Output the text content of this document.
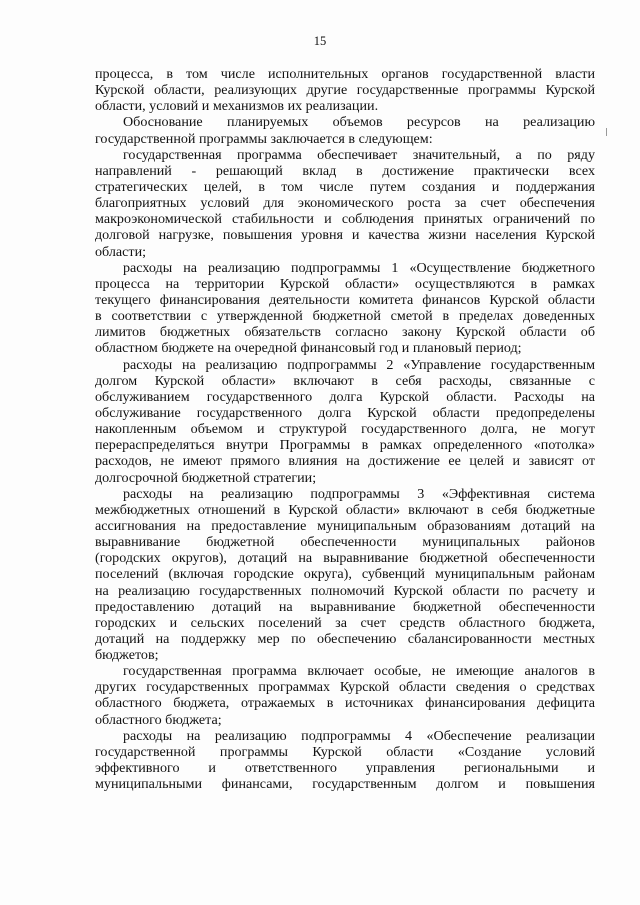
15
процесса, в том числе исполнительных органов государственной власти
Курской области, реализующих другие государственные программы Курской
области, условий и механизмов их реализации.
Обоснование планируемых объемов ресурсов на реализацию
государственной программы заключается в следующем:
государственная программа обеспечивает значительный, а по ряду
направлений - решающий вклад в достижение практически всех
стратегических целей, в том числе путем создания и поддержания
благоприятных условий для экономического роста за счет обеспечения
макроэкономической стабильности и соблюдения принятых ограничений по
долговой нагрузке, повышения уровня и качества жизни населения Курской
области;
расходы на реализацию подпрограммы 1 «Осуществление бюджетного
процесса на территории Курской области» осуществляются в рамках
текущего финансирования деятельности комитета финансов Курской области
в соответствии с утвержденной бюджетной сметой в пределах доведенных
лимитов бюджетных обязательств согласно закону Курской области об
областном бюджете на очередной финансовый год и плановый период;
расходы на реализацию подпрограммы 2 «Управление государственным
долгом Курской области» включают в себя расходы, связанные с
обслуживанием государственного долга Курской области. Расходы на
обслуживание государственного долга Курской области предопределены
накопленным объемом и структурой государственного долга, не могут
перераспределяться внутри Программы в рамках определенного «потолка»
расходов, не имеют прямого влияния на достижение ее целей и зависят от
долгосрочной бюджетной стратегии;
расходы на реализацию подпрограммы 3 «Эффективная система
межбюджетных отношений в Курской области» включают в себя бюджетные
ассигнования на предоставление муниципальным образованиям дотаций на
выравнивание бюджетной обеспеченности муниципальных районов
(городских округов), дотаций на выравнивание бюджетной обеспеченности
поселений (включая городские округа), субвенций муниципальным районам
на реализацию государственных полномочий Курской области по расчету и
предоставлению дотаций на выравнивание бюджетной обеспеченности
городских и сельских поселений за счет средств областного бюджета,
дотаций на поддержку мер по обеспечению сбалансированности местных
бюджетов;
государственная программа включает особые, не имеющие аналогов в
других государственных программах Курской области сведения о средствах
областного бюджета, отражаемых в источниках финансирования дефицита
областного бюджета;
расходы на реализацию подпрограммы 4 «Обеспечение реализации
государственной программы Курской области «Создание условий
эффективного и ответственного управления региональными и
муниципальными финансами, государственным долгом и повышения
